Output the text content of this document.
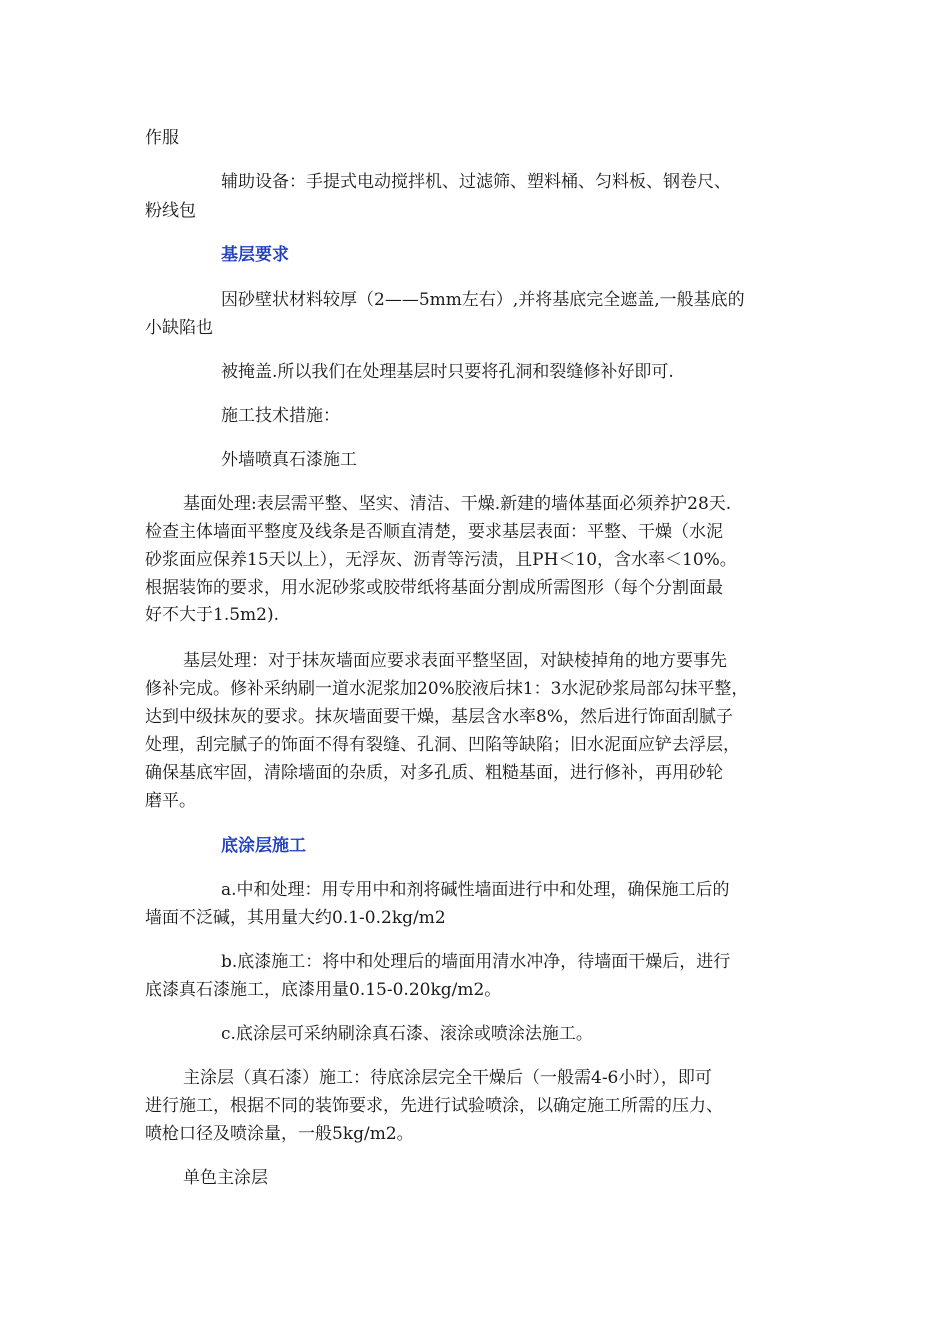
作服
辅助设备：手提式电动搅拌机、过滤筛、塑料桶、匀料板、钢卷尺、
粉线包
基层要求
因砂壁状材料较厚（2——5mm左右）,并将基底完全遮盖,一般基底的
小缺陷也
被掩盖.所以我们在处理基层时只要将孔洞和裂缝修补好即可.
施工技术措施：
外墙喷真石漆施工
基面处理:表层需平整、坚实、清洁、干燥.新建的墙体基面必须养护28天.
检查主体墙面平整度及线条是否顺直清楚，要求基层表面：平整、干燥（水泥
砂浆面应保养15天以上），无浮灰、沥青等污渍，且PH＜10，含水率＜10%。
根据装饰的要求，用水泥砂浆或胶带纸将基面分割成所需图形（每个分割面最
好不大于1.5m2).
基层处理：对于抹灰墙面应要求表面平整坚固，对缺棱掉角的地方要事先
修补完成。修补采纳刷一道水泥浆加20%胶液后抹1：3水泥砂浆局部勾抹平整，
达到中级抹灰的要求。抹灰墙面要干燥，基层含水率8%，然后进行饰面刮腻子
处理，刮完腻子的饰面不得有裂缝、孔洞、凹陷等缺陷；旧水泥面应铲去浮层，
确保基底牢固，清除墙面的杂质，对多孔质、粗糙基面，进行修补，再用砂轮
磨平。
底涂层施工
a.中和处理：用专用中和剂将碱性墙面进行中和处理，确保施工后的
墙面不泛碱，其用量大约0.1-0.2kg/m2
b.底漆施工：将中和处理后的墙面用清水冲净，待墙面干燥后，进行
底漆真石漆施工，底漆用量0.15-0.20kg/m2。
c.底涂层可采纳刷涂真石漆、滚涂或喷涂法施工。
主涂层（真石漆）施工：待底涂层完全干燥后（一般需4-6小时），即可
进行施工，根据不同的装饰要求，先进行试验喷涂，以确定施工所需的压力、
喷枪口径及喷涂量，一般5kg/m2。
单色主涂层
